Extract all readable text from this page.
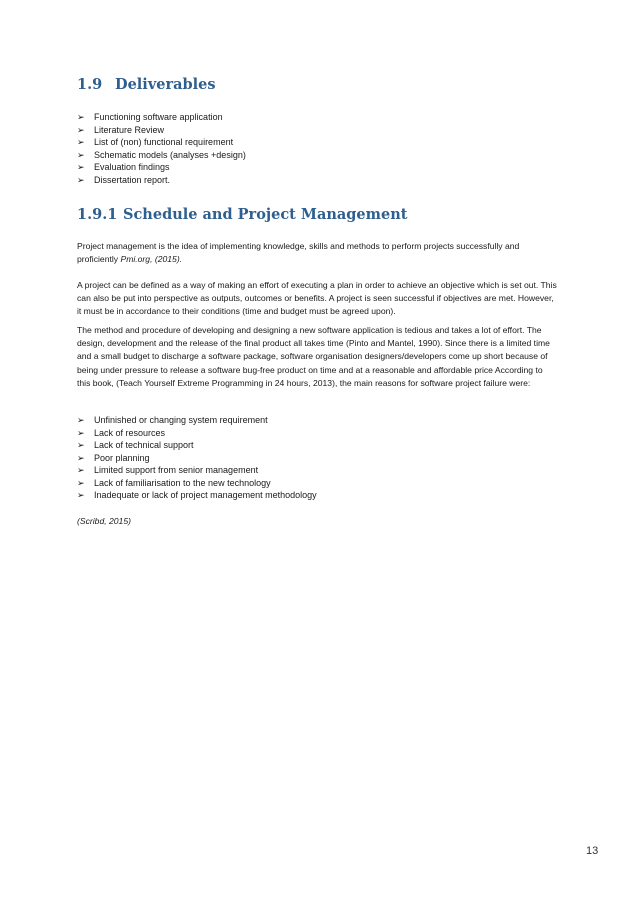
1.9 Deliverables
➢ Functioning software application
➢ Literature Review
➢ List of (non) functional requirement
➢ Schematic models (analyses +design)
➢ Evaluation findings
➢ Dissertation report.
1.9.1 Schedule and Project Management

Project management is the idea of implementing knowledge, skills and methods to perform projects successfully and proficiently Pmi.org, (2015).

A project can be defined as a way of making an effort of executing a plan in order to achieve an objective which is set out. This can also be put into perspective as outputs, outcomes or benefits. A project is seen successful if objectives are met. However, it must be in accordance to their conditions (time and budget must be agreed upon).

The method and procedure of developing and designing a new software application is tedious and takes a lot of effort. The design, development and the release of the final product all takes time (Pinto and Mantel, 1990). Since there is a limited time and a small budget to discharge a software package, software organisation designers/developers come up short because of being under pressure to release a software bug-free product on time and at a reasonable and affordable price According to this book, (Teach Yourself Extreme Programming in 24 hours, 2013), the main reasons for software project failure were:

➢ Unfinished or changing system requirement
➢ Lack of resources
➢ Lack of technical support
➢ Poor planning
➢ Limited support from senior management
➢ Lack of familiarisation to the new technology
➢ Inadequate or lack of project management methodology

(Scribd, 2015)

13
